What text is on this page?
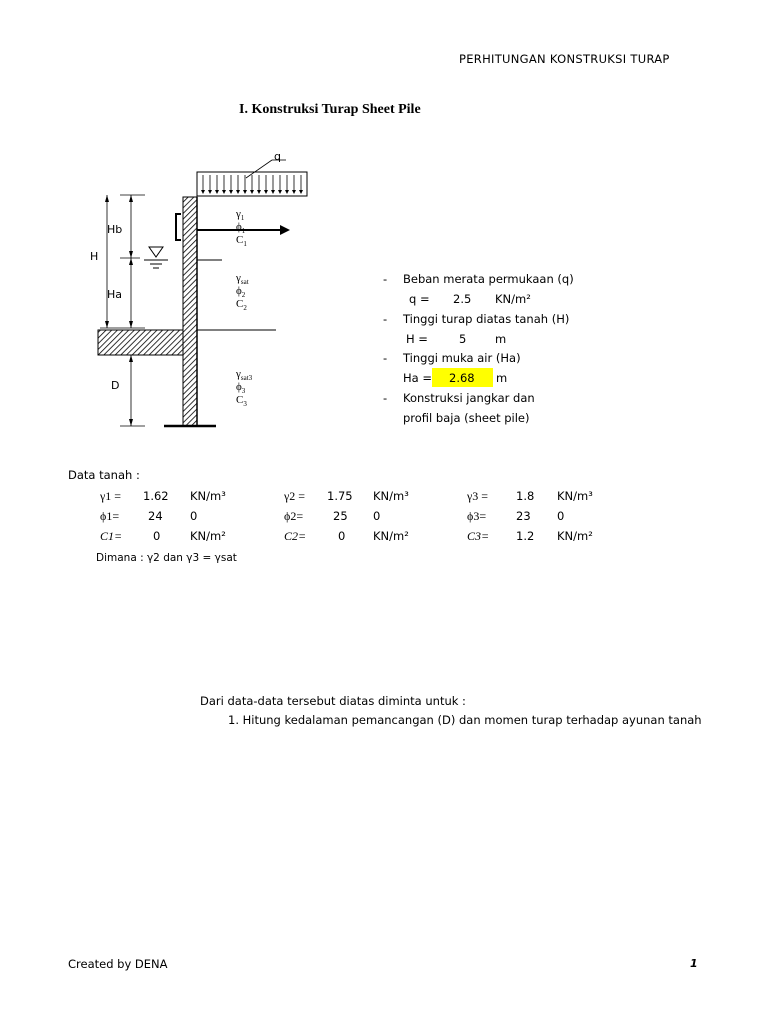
PERHITUNGAN KONSTRUKSI TURAP
I. Konstruksi Turap Sheet Pile
q
Hb
H
Ha
D
$\gamma_1$
$\phi_1$
$C_1$
$\gamma_{sat}$
$\phi_2$
$C_2$
$\gamma_{sat3}$
$\phi_3$
$C_3$
- Beban merata permukaan (q)
q = 2.5 KN/m²
- Tinggi turap diatas tanah (H)
H =	5 m
- Tinggi muka air (Ha)
Ha = 2.68 m
- Konstruksi jangkar dan
profil baja (sheet pile)
Data tanah :
γ1 = 1.62 KN/m³	γ2 = 1.75 KN/m³	γ3 = 1.8 KN/m³
ϕ1=	24 0	ϕ2=	25 0	ϕ3=	23 0
C1=	0	KN/m²	C2=	0 KN/m²	C3= 1.2 KN/m²
Dimana : γ2 dan γ3 = γsat
Dari data-data tersebut diatas diminta untuk :
1. Hitung kedalaman pemancangan (D) dan momen turap terhadap ayunan tanah
Created by DENA	1
